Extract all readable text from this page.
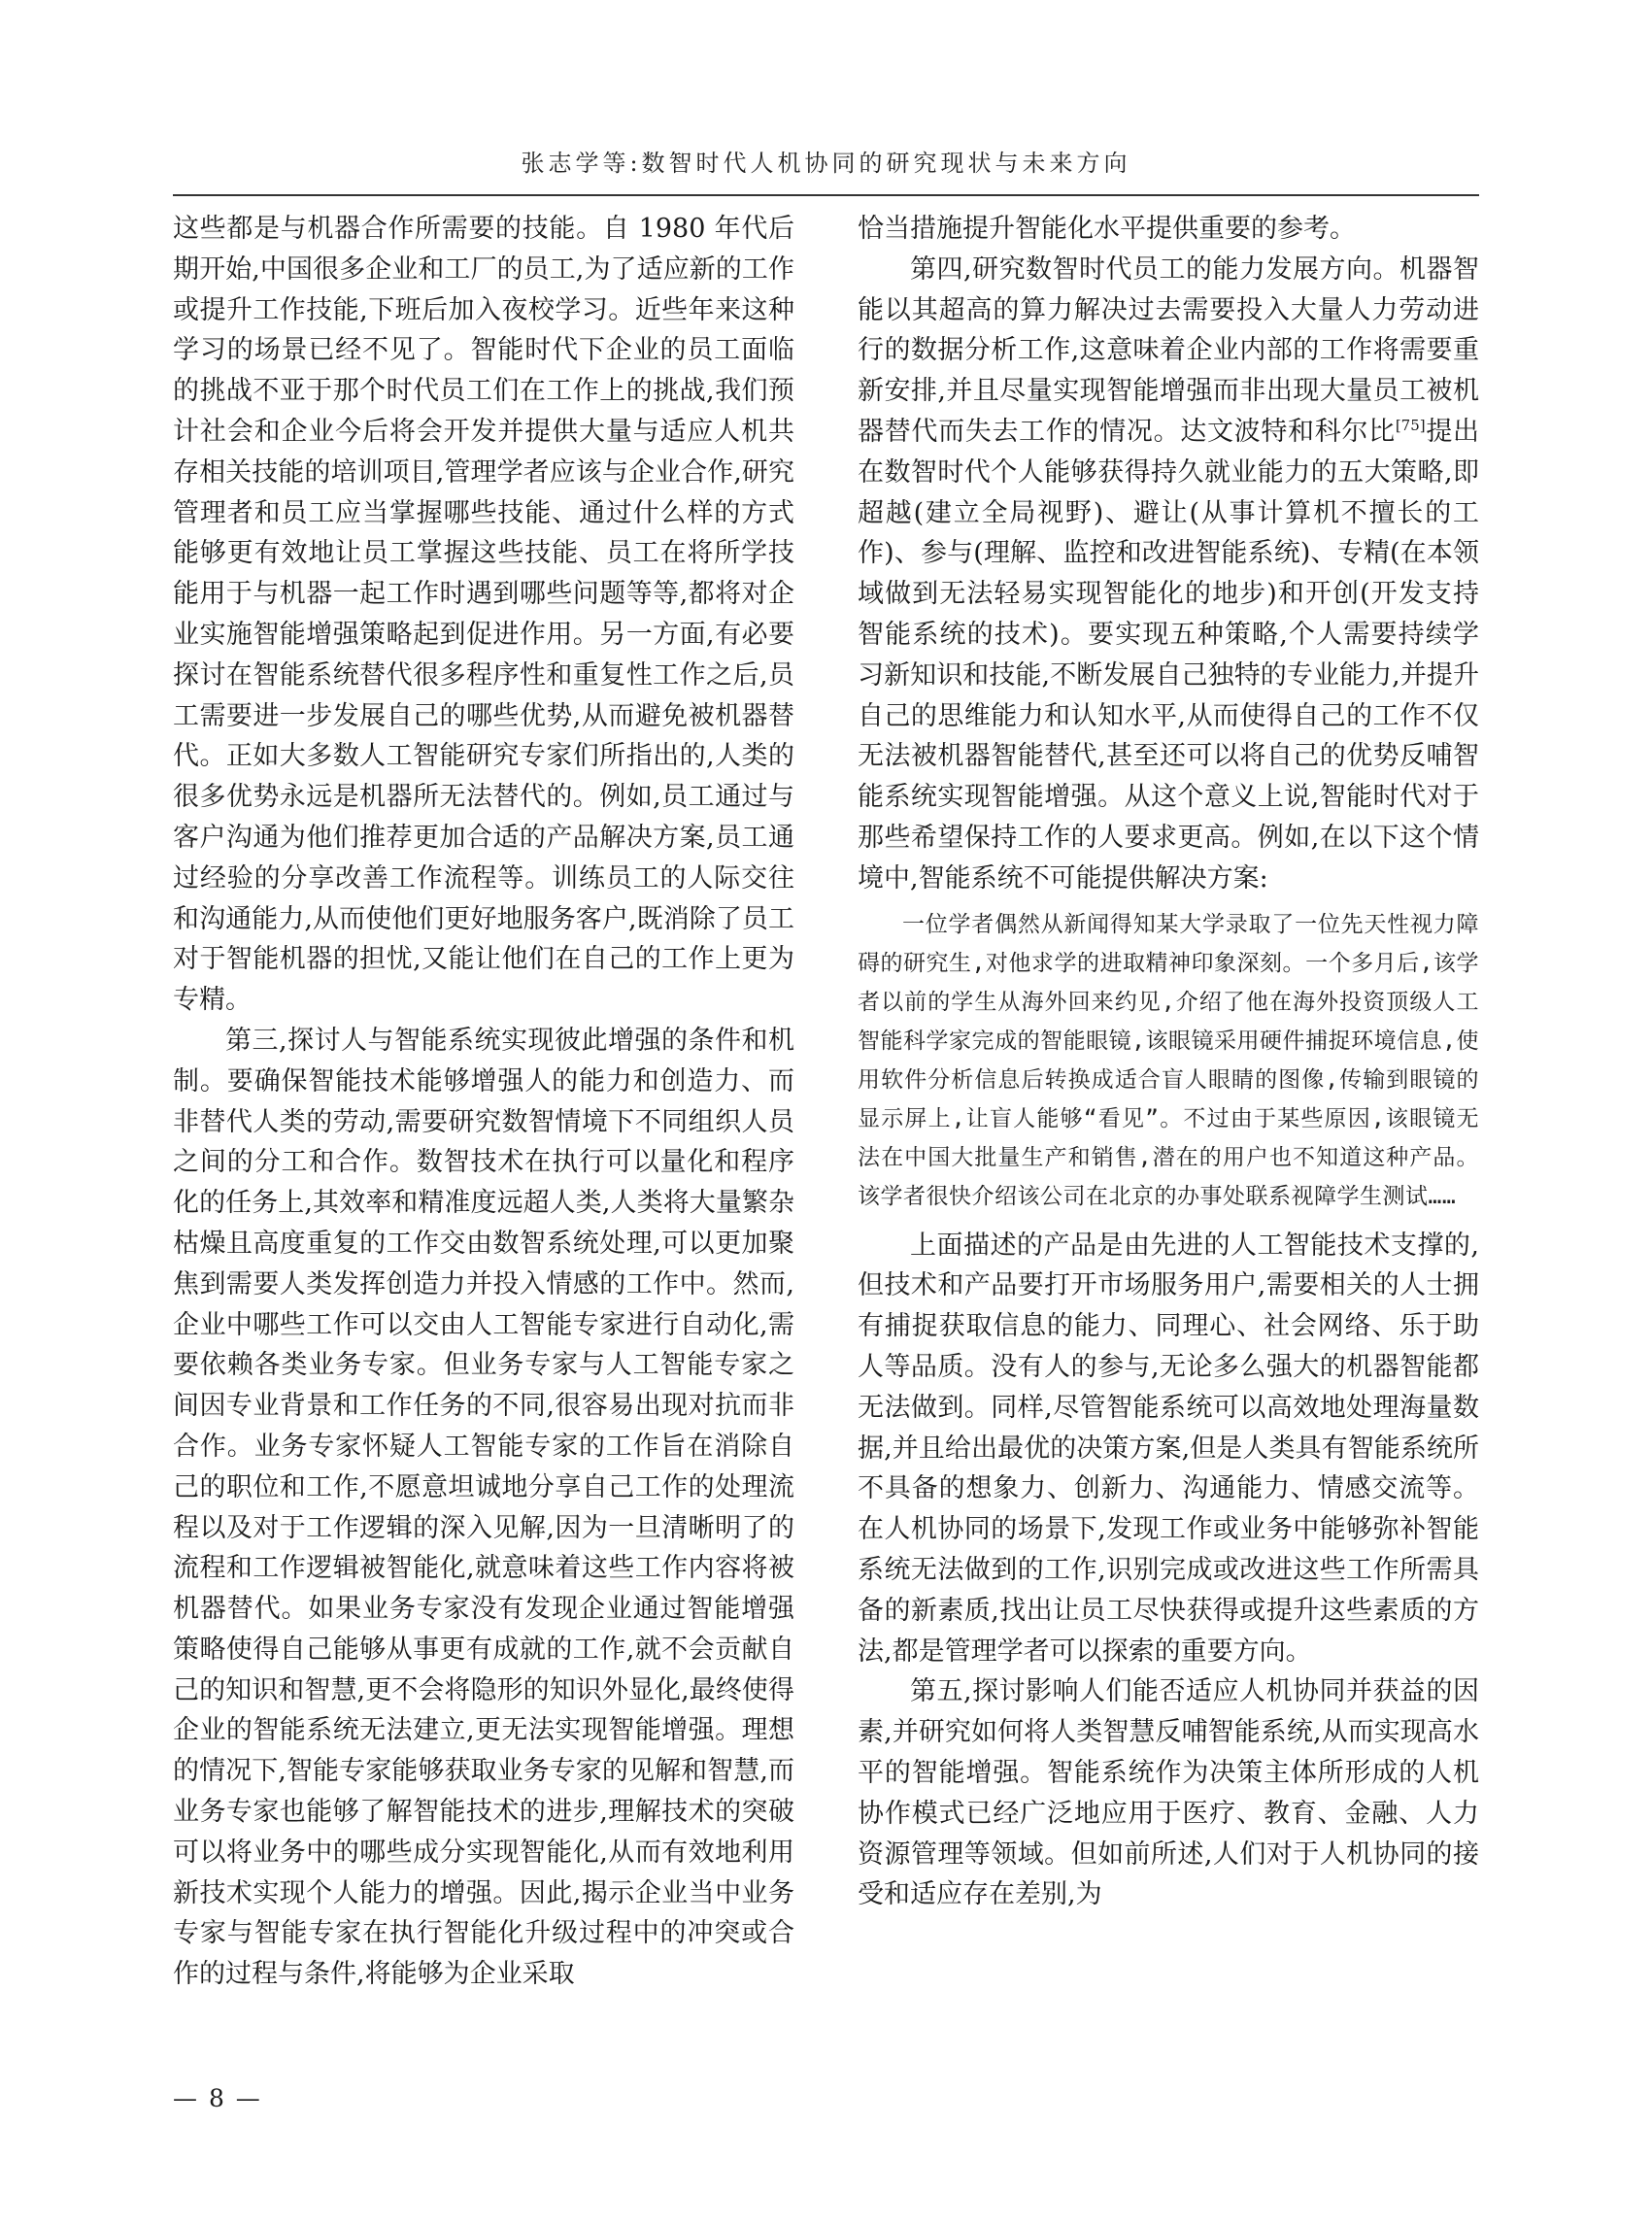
张志学等:数智时代人机协同的研究现状与未来方向

这些都是与机器合作所需要的技能。自 1980 年代后期开始,中国很多企业和工厂的员工,为了适应新的工作或提升工作技能,下班后加入夜校学习。近些年来这种学习的场景已经不见了。智能时代下企业的员工面临的挑战不亚于那个时代员工们在工作上的挑战,我们预计社会和企业今后将会开发并提供大量与适应人机共存相关技能的培训项目,管理学者应该与企业合作,研究管理者和员工应当掌握哪些技能、通过什么样的方式能够更有效地让员工掌握这些技能、员工在将所学技能用于与机器一起工作时遇到哪些问题等等,都将对企业实施智能增强策略起到促进作用。另一方面,有必要探讨在智能系统替代很多程序性和重复性工作之后,员工需要进一步发展自己的哪些优势,从而避免被机器替代。正如大多数人工智能研究专家们所指出的,人类的很多优势永远是机器所无法替代的。例如,员工通过与客户沟通为他们推荐更加合适的产品解决方案,员工通过经验的分享改善工作流程等。训练员工的人际交往和沟通能力,从而使他们更好地服务客户,既消除了员工对于智能机器的担忧,又能让他们在自己的工作上更为专精。

第三,探讨人与智能系统实现彼此增强的条件和机制。要确保智能技术能够增强人的能力和创造力、而非替代人类的劳动,需要研究数智情境下不同组织人员之间的分工和合作。数智技术在执行可以量化和程序化的任务上,其效率和精准度远超人类,人类将大量繁杂枯燥且高度重复的工作交由数智系统处理,可以更加聚焦到需要人类发挥创造力并投入情感的工作中。然而,企业中哪些工作可以交由人工智能专家进行自动化,需要依赖各类业务专家。但业务专家与人工智能专家之间因专业背景和工作任务的不同,很容易出现对抗而非合作。业务专家怀疑人工智能专家的工作旨在消除自己的职位和工作,不愿意坦诚地分享自己工作的处理流程以及对于工作逻辑的深入见解,因为一旦清晰明了的流程和工作逻辑被智能化,就意味着这些工作内容将被机器替代。如果业务专家没有发现企业通过智能增强策略使得自己能够从事更有成就的工作,就不会贡献自己的知识和智慧,更不会将隐形的知识外显化,最终使得企业的智能系统无法建立,更无法实现智能增强。理想的情况下,智能专家能够获取业务专家的见解和智慧,而业务专家也能够了解智能技术的进步,理解技术的突破可以将业务中的哪些成分实现智能化,从而有效地利用新技术实现个人能力的增强。因此,揭示企业当中业务专家与智能专家在执行智能化升级过程中的冲突或合作的过程与条件,将能够为企业采取

恰当措施提升智能化水平提供重要的参考。

第四,研究数智时代员工的能力发展方向。机器智能以其超高的算力解决过去需要投入大量人力劳动进行的数据分析工作,这意味着企业内部的工作将需要重新安排,并且尽量实现智能增强而非出现大量员工被机器替代而失去工作的情况。达文波特和科尔比[75]提出在数智时代个人能够获得持久就业能力的五大策略,即超越(建立全局视野)、避让(从事计算机不擅长的工作)、参与(理解、监控和改进智能系统)、专精(在本领域做到无法轻易实现智能化的地步)和开创(开发支持智能系统的技术)。要实现五种策略,个人需要持续学习新知识和技能,不断发展自己独特的专业能力,并提升自己的思维能力和认知水平,从而使得自己的工作不仅无法被机器智能替代,甚至还可以将自己的优势反哺智能系统实现智能增强。从这个意义上说,智能时代对于那些希望保持工作的人要求更高。例如,在以下这个情境中,智能系统不可能提供解决方案:

一位学者偶然从新闻得知某大学录取了一位先天性视力障碍的研究生,对他求学的进取精神印象深刻。一个多月后,该学者以前的学生从海外回来约见,介绍了他在海外投资顶级人工智能科学家完成的智能眼镜,该眼镜采用硬件捕捉环境信息,使用软件分析信息后转换成适合盲人眼睛的图像,传输到眼镜的显示屏上,让盲人能够“看见”。不过由于某些原因,该眼镜无法在中国大批量生产和销售,潜在的用户也不知道这种产品。该学者很快介绍该公司在北京的办事处联系视障学生测试……

上面描述的产品是由先进的人工智能技术支撑的,但技术和产品要打开市场服务用户,需要相关的人士拥有捕捉获取信息的能力、同理心、社会网络、乐于助人等品质。没有人的参与,无论多么强大的机器智能都无法做到。同样,尽管智能系统可以高效地处理海量数据,并且给出最优的决策方案,但是人类具有智能系统所不具备的想象力、创新力、沟通能力、情感交流等。在人机协同的场景下,发现工作或业务中能够弥补智能系统无法做到的工作,识别完成或改进这些工作所需具备的新素质,找出让员工尽快获得或提升这些素质的方法,都是管理学者可以探索的重要方向。

第五,探讨影响人们能否适应人机协同并获益的因素,并研究如何将人类智慧反哺智能系统,从而实现高水平的智能增强。智能系统作为决策主体所形成的人机协作模式已经广泛地应用于医疗、教育、金融、人力资源管理等领域。但如前所述,人们对于人机协同的接受和适应存在差别,为

— 8 —
